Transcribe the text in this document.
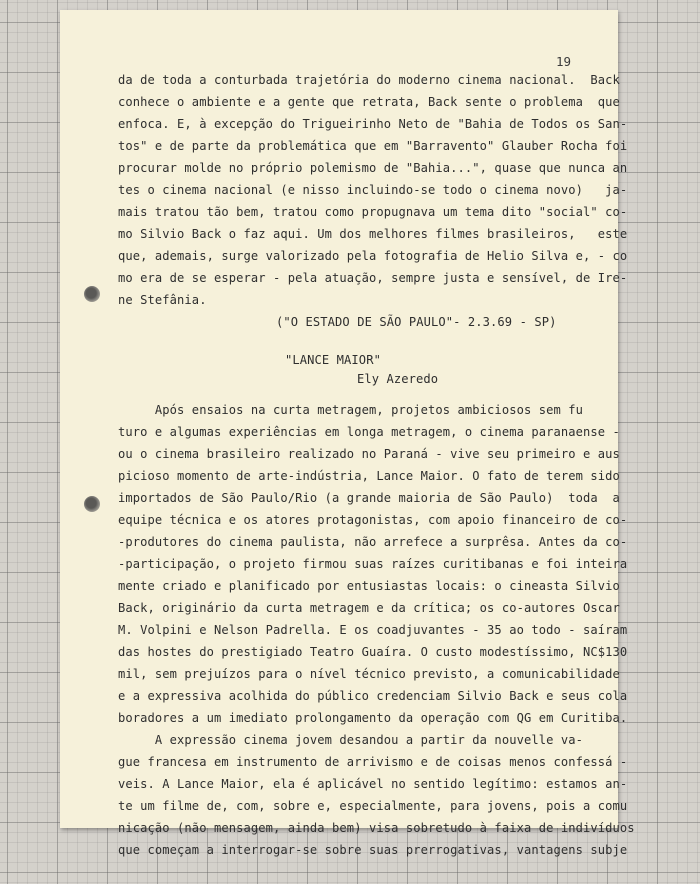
19
da de toda a conturbada trajetória do moderno cinema nacional.  Back
conhece o ambiente e a gente que retrata, Back sente o problema  que
enfoca. E, à excepção do Trigueirinho Neto de "Bahia de Todos os San-
tos" e de parte da problemática que em "Barravento" Glauber Rocha foi
procurar molde no próprio polemismo de "Bahia...", quase que nunca an
tes o cinema nacional (e nisso incluindo-se todo o cinema novo)   ja-
mais tratou tão bem, tratou como propugnava um tema dito "social" co-
mo Silvio Back o faz aqui. Um dos melhores filmes brasileiros,   este
que, ademais, surge valorizado pela fotografia de Helio Silva e, - co
mo era de se esperar - pela atuação, sempre justa e sensível, de Ire-
ne Stefânia.
("O ESTADO DE SÃO PAULO"- 2.3.69 - SP)
"LANCE MAIOR"
Ely Azeredo
Após ensaios na curta metragem, projetos ambiciosos sem fu
turo e algumas experiências em longa metragem, o cinema paranaense -
ou o cinema brasileiro realizado no Paraná - vive seu primeiro e aus
picioso momento de arte-indústria, Lance Maior. O fato de terem sido
importados de São Paulo/Rio (a grande maioria de São Paulo)  toda  a
equipe técnica e os atores protagonistas, com apoio financeiro de co-
-produtores do cinema paulista, não arrefece a surprêsa. Antes da co-
-participação, o projeto firmou suas raízes curitibanas e foi inteira
mente criado e planificado por entusiastas locais: o cineasta Silvio
Back, originário da curta metragem e da crítica; os co-autores Oscar
M. Volpini e Nelson Padrella. E os coadjuvantes - 35 ao todo - saíram
das hostes do prestigiado Teatro Guaíra. O custo modestíssimo, NC$130
mil, sem prejuízos para o nível técnico previsto, a comunicabilidade
e a expressiva acolhida do público credenciam Silvio Back e seus cola
boradores a um imediato prolongamento da operação com QG em Curitiba.
A expressão cinema jovem desandou a partir da nouvelle va-
gue francesa em instrumento de arrivismo e de coisas menos confessá -
veis. A Lance Maior, ela é aplicável no sentido legítimo: estamos an-
te um filme de, com, sobre e, especialmente, para jovens, pois a comu
nicação (não mensagem, ainda bem) visa sobretudo à faixa de indivíduos
que começam a interrogar-se sobre suas prerrogativas, vantagens subje
